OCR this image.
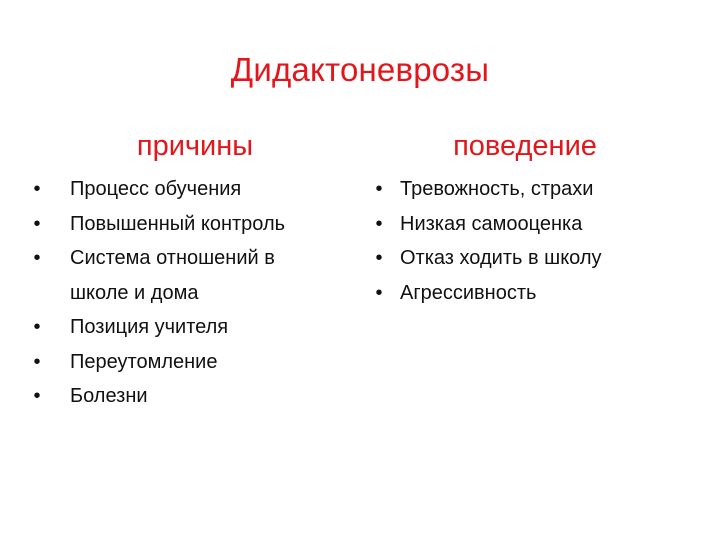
Дидактоневрозы
причины	поведение
• Процесс обучения
• Повышенный контроль
• Система отношений в
школе и дома
• Позиция учителя
• Переутомление
• Болезни
• Тревожность, страхи
• Низкая самооценка
• Отказ ходить в школу
• Агрессивность
